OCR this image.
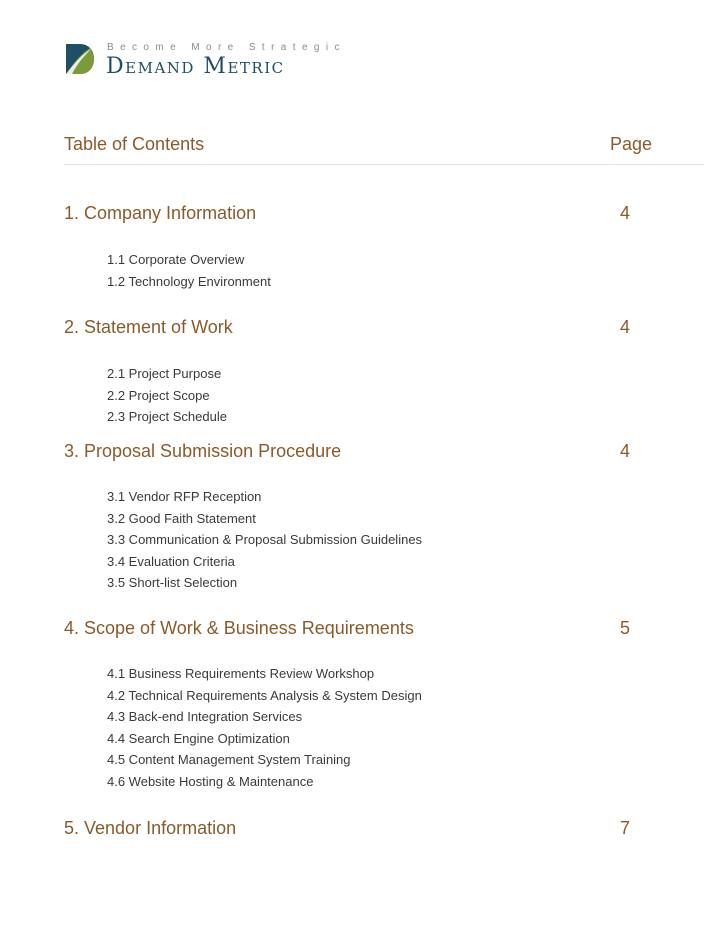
Become More Strategic
Demand Metric
Table of Contents	Page
1. Company Information	4
1.1 Corporate Overview
1.2 Technology Environment
2. Statement of Work	4
2.1 Project Purpose
2.2 Project Scope
2.3 Project Schedule
3. Proposal Submission Procedure	4
3.1 Vendor RFP Reception
3.2 Good Faith Statement
3.3 Communication & Proposal Submission Guidelines
3.4 Evaluation Criteria
3.5 Short-list Selection
4. Scope of Work & Business Requirements	5
4.1 Business Requirements Review Workshop
4.2 Technical Requirements Analysis & System Design
4.3 Back-end Integration Services
4.4 Search Engine Optimization
4.5 Content Management System Training
4.6 Website Hosting & Maintenance
5. Vendor Information	7
